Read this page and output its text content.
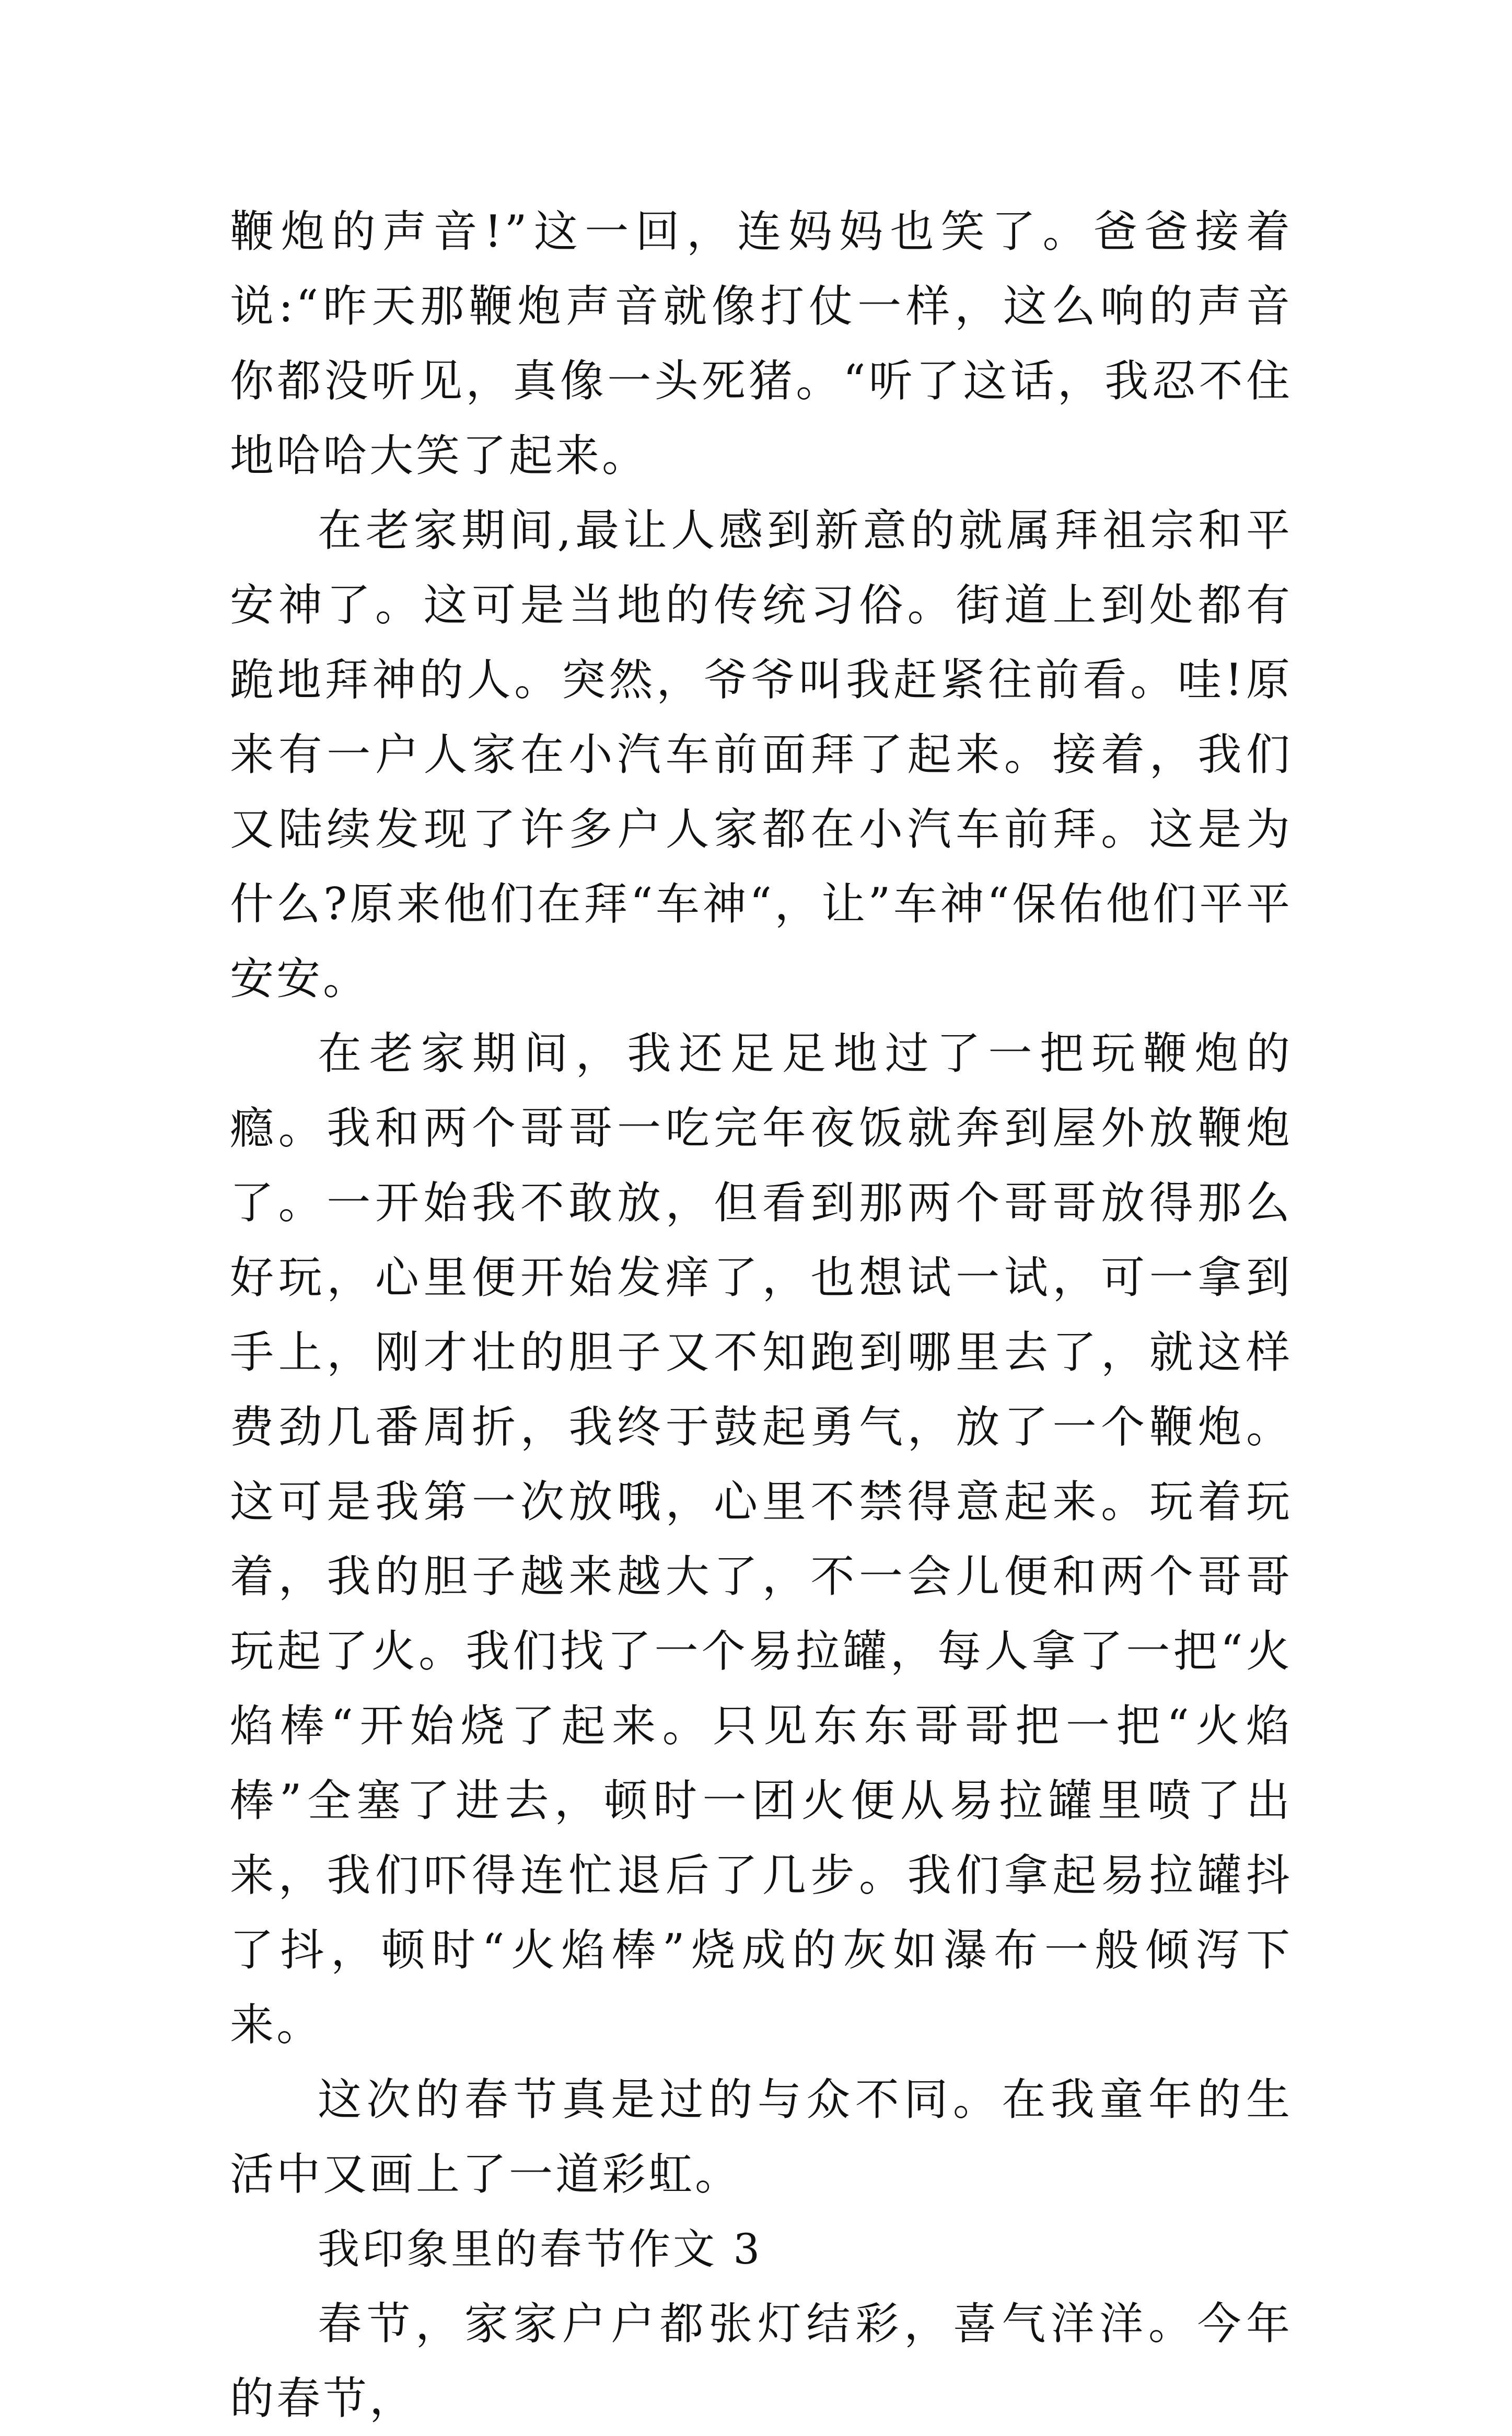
鞭炮的声音!”这一回，连妈妈也笑了。爸爸接着说:“昨天那鞭炮声音就像打仗一样，这么响的声音你都没听见，真像一头死猪。“听了这话，我忍不住地哈哈大笑了起来。

在老家期间,最让人感到新意的就属拜祖宗和平安神了。这可是当地的传统习俗。街道上到处都有跪地拜神的人。突然，爷爷叫我赶紧往前看。哇!原来有一户人家在小汽车前面拜了起来。接着，我们又陆续发现了许多户人家都在小汽车前拜。这是为什么?原来他们在拜“车神“，让”车神“保佑他们平平安安。

在老家期间，我还足足地过了一把玩鞭炮的瘾。我和两个哥哥一吃完年夜饭就奔到屋外放鞭炮了。一开始我不敢放，但看到那两个哥哥放得那么好玩，心里便开始发痒了，也想试一试，可一拿到手上，刚才壮的胆子又不知跑到哪里去了，就这样费劲几番周折，我终于鼓起勇气，放了一个鞭炮。这可是我第一次放哦，心里不禁得意起来。玩着玩着，我的胆子越来越大了，不一会儿便和两个哥哥玩起了火。我们找了一个易拉罐，每人拿了一把“火焰棒“开始烧了起来。只见东东哥哥把一把“火焰棒”全塞了进去，顿时一团火便从易拉罐里喷了出来，我们吓得连忙退后了几步。我们拿起易拉罐抖了抖，顿时“火焰棒”烧成的灰如瀑布一般倾泻下来。

这次的春节真是过的与众不同。在我童年的生活中又画上了一道彩虹。

我印象里的春节作文 3

春节，家家户户都张灯结彩，喜气洋洋。今年的春节，
